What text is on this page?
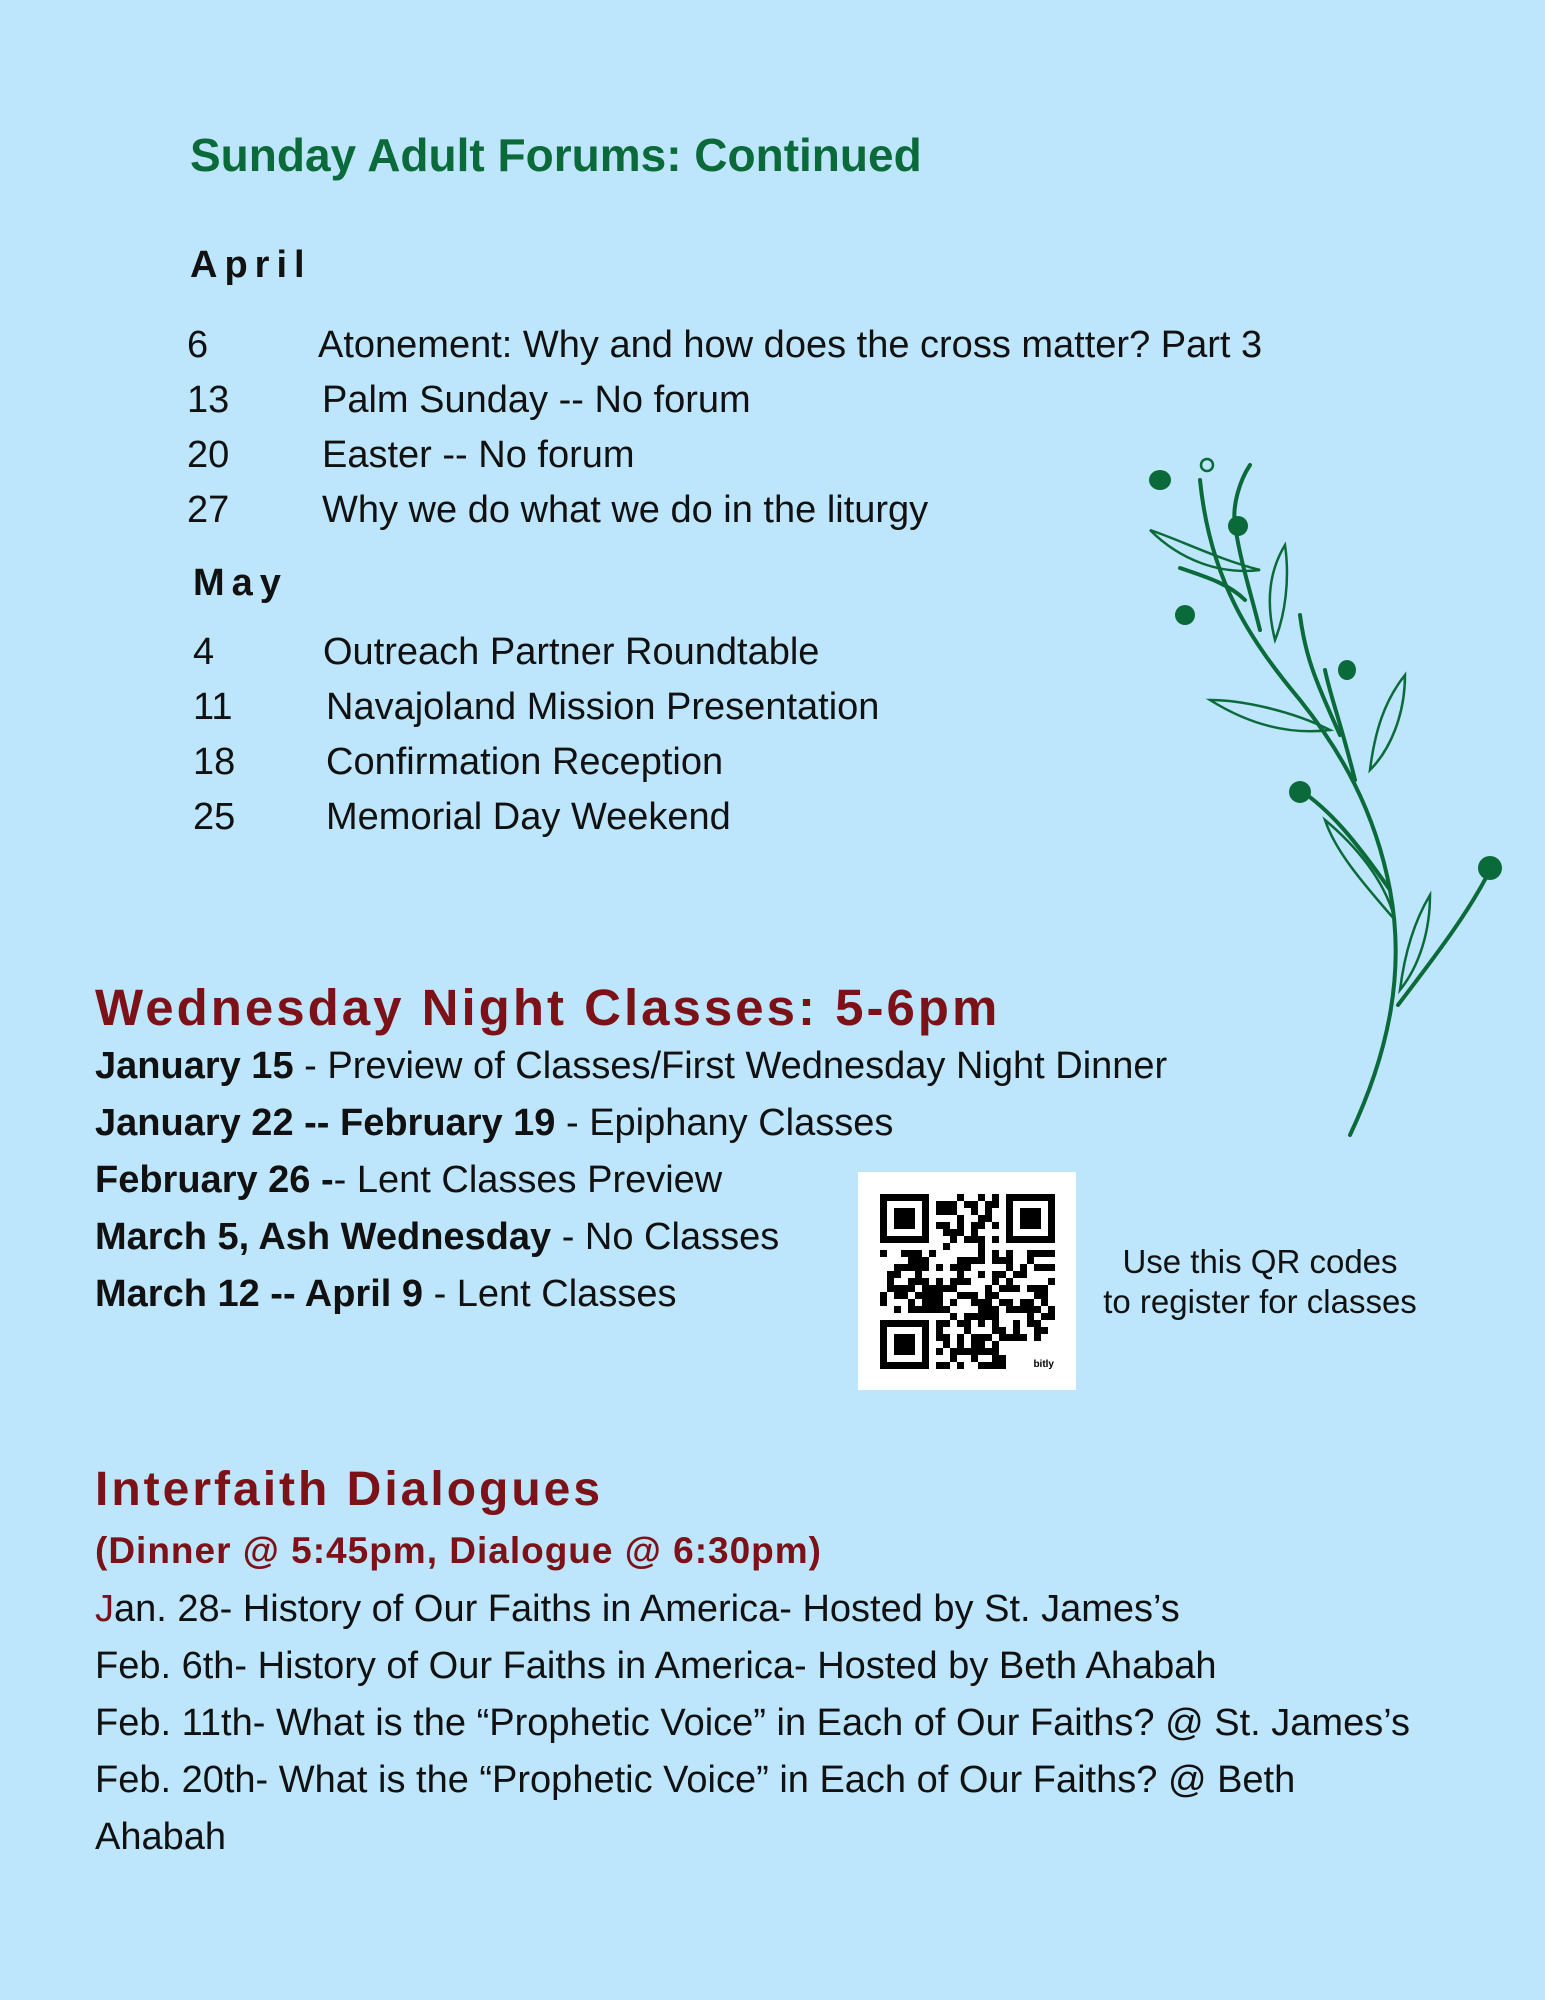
Sunday Adult Forums: Continued
April
6	Atonement: Why and how does the cross matter? Part 3
13 Palm Sunday -- No forum
20 Easter -- No forum
27 Why we do what we do in the liturgy
May
4	Outreach Partner Roundtable
11 Navajoland Mission Presentation
18 Confirmation Reception
25 Memorial Day Weekend
Wednesday Night Classes: 5-6pm
January 15 - Preview of Classes/First Wednesday Night Dinner
January 22 -- February 19 - Epiphany Classes
February 26 -- Lent Classes Preview
March 5, Ash Wednesday - No Classes
March 12 -- April 9 - Lent Classes
bitly
Use this QR codes
to register for classes
Interfaith Dialogues
(Dinner @ 5:45pm, Dialogue @ 6:30pm)
Jan. 28- History of Our Faiths in America- Hosted by St. James’s
Feb. 6th- History of Our Faiths in America- Hosted by Beth Ahabah
Feb. 11th- What is the “Prophetic Voice” in Each of Our Faiths? @ St. James’s
Feb. 20th- What is the “Prophetic Voice” in Each of Our Faiths? @ Beth
Ahabah
